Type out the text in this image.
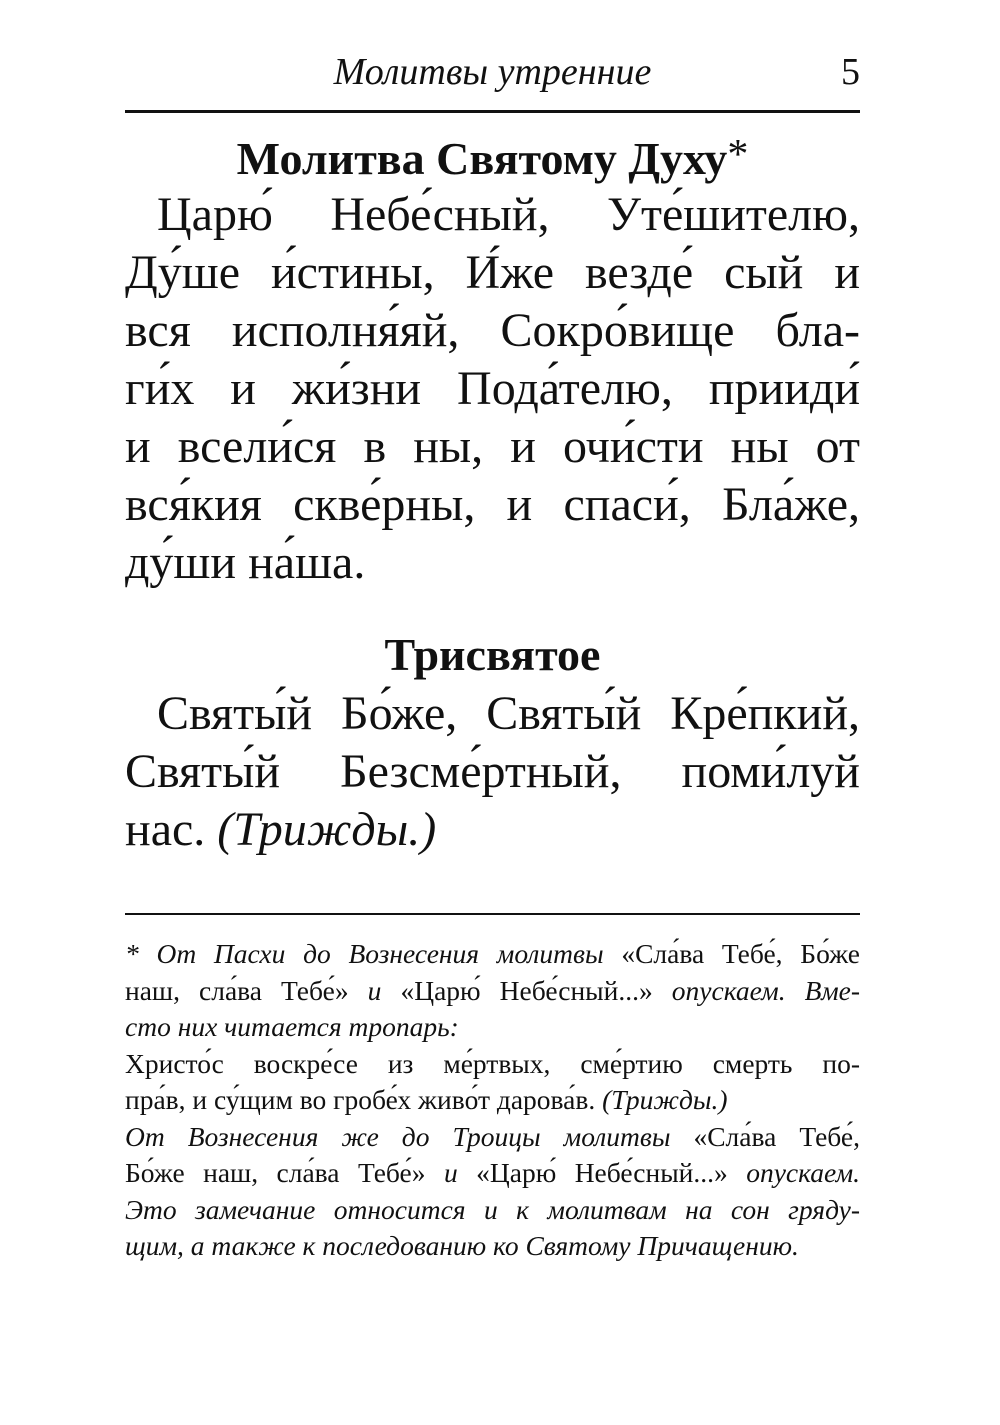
Молитвы утренние	5
Молитва Святому Духу*
Царю́ Небе́сный, Уте́шителю,
Ду́ше и́стины, И́же везде́ сый и
вся исполня́яй, Сокро́вище бла-
ги́х и жи́зни Пода́телю, прииди́
и всели́ся в ны, и очи́сти ны от
вся́кия скве́рны, и спаси́, Бла́же,
ду́ши на́ша.
Трисвятое
Святы́й Бо́же, Святы́й Кре́пкий,
Святы́й Безсме́ртный, поми́луй
нас. (Трижды.)
* От Пасхи до Вознесения молитвы «Сла́ва Тебе́, Бо́же
наш, сла́ва Тебе́» и «Царю́ Небе́сный...» опускаем. Вме-
сто них читается тропарь:
Христо́с воскре́се из ме́ртвых, сме́ртию смерть по-
пра́в, и су́щим во гробе́х живо́т дарова́в. (Трижды.)
От Вознесения же до Троицы молитвы «Сла́ва Тебе́,
Бо́же наш, сла́ва Тебе́» и «Царю́ Небе́сный...» опускаем.
Это замечание относится и к молитвам на сон гряду-
щим, а также к последованию ко Святому Причащению.
